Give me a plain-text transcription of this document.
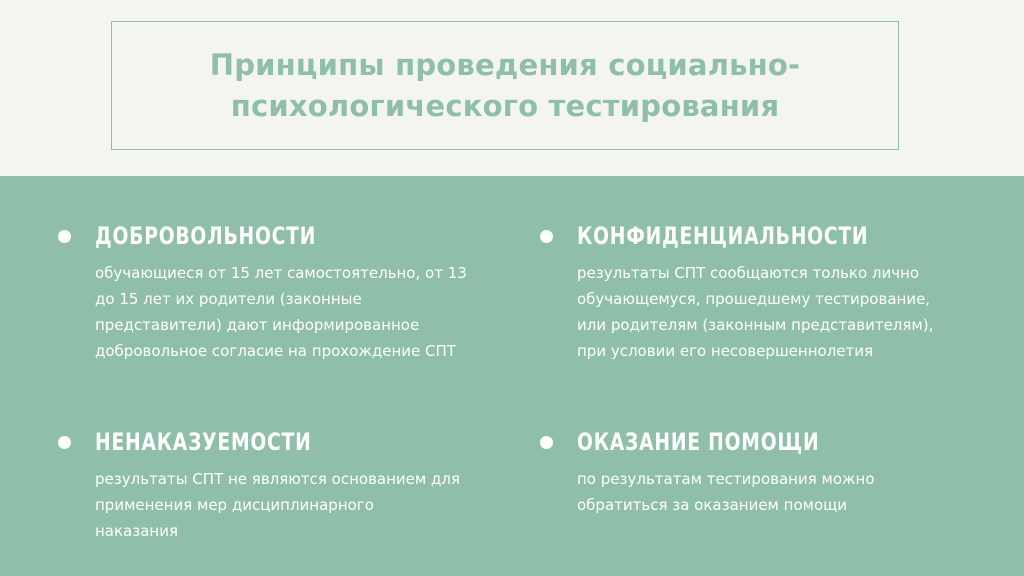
Принципы проведения социально-
психологического тестирования
ДОБРОВОЛЬНОСТИ

обучающиеся от 15 лет самостоятельно, от 13
до 15 лет их родители (законные
представители) дают информированное
добровольное согласие на прохождение СПТ

КОНФИДЕНЦИАЛЬНОСТИ

результаты СПТ сообщаются только лично
обучающемуся, прошедшему тестирование,
или родителям (законным представителям),
при условии его несовершеннолетия

НЕНАКАЗУЕМОСТИ

результаты СПТ не являются основанием для
применения мер дисциплинарного
наказания

ОКАЗАНИЕ ПОМОЩИ

по результатам тестирования можно
обратиться за оказанием помощи
